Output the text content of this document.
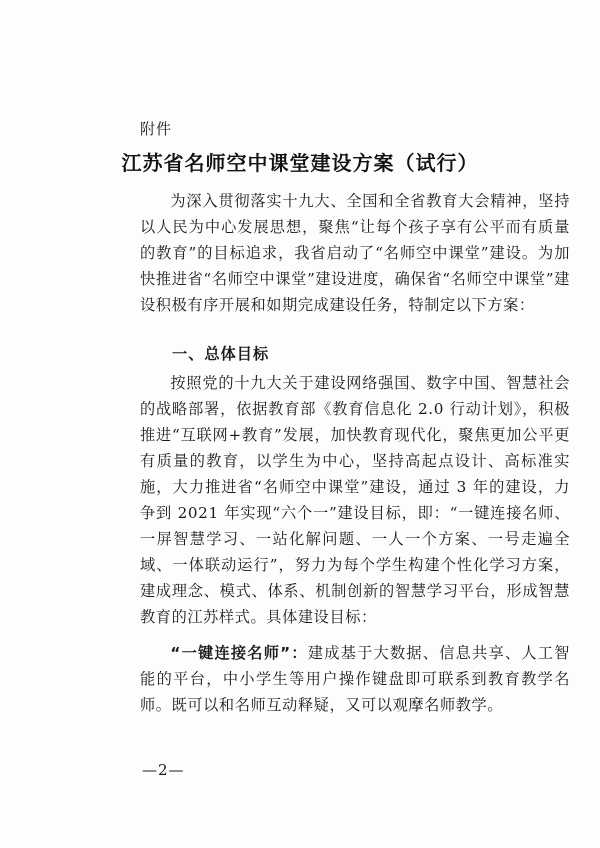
附件
江苏省名师空中课堂建设方案（试行）

为深入贯彻落实十九大、全国和全省教育大会精神，坚持以人民为中心发展思想，聚焦“让每个孩子享有公平而有质量的教育”的目标追求，我省启动了“名师空中课堂”建设。为加快推进省“名师空中课堂”建设进度，确保省“名师空中课堂”建设积极有序开展和如期完成建设任务，特制定以下方案：

一、总体目标

按照党的十九大关于建设网络强国、数字中国、智慧社会的战略部署，依据教育部《教育信息化 2.0 行动计划》，积极推进“互联网+教育”发展，加快教育现代化，聚焦更加公平更有质量的教育，以学生为中心，坚持高起点设计、高标准实施，大力推进省“名师空中课堂”建设，通过 3 年的建设，力争到 2021 年实现“六个一”建设目标，即：“一键连接名师、一屏智慧学习、一站化解问题、一人一个方案、一号走遍全域、一体联动运行”，努力为每个学生构建个性化学习方案，建成理念、模式、体系、机制创新的智慧学习平台，形成智慧教育的江苏样式。具体建设目标：

“一键连接名师”：建成基于大数据、信息共享、人工智能的平台，中小学生等用户操作键盘即可联系到教育教学名师。既可以和名师互动释疑，又可以观摩名师教学。

—2—
